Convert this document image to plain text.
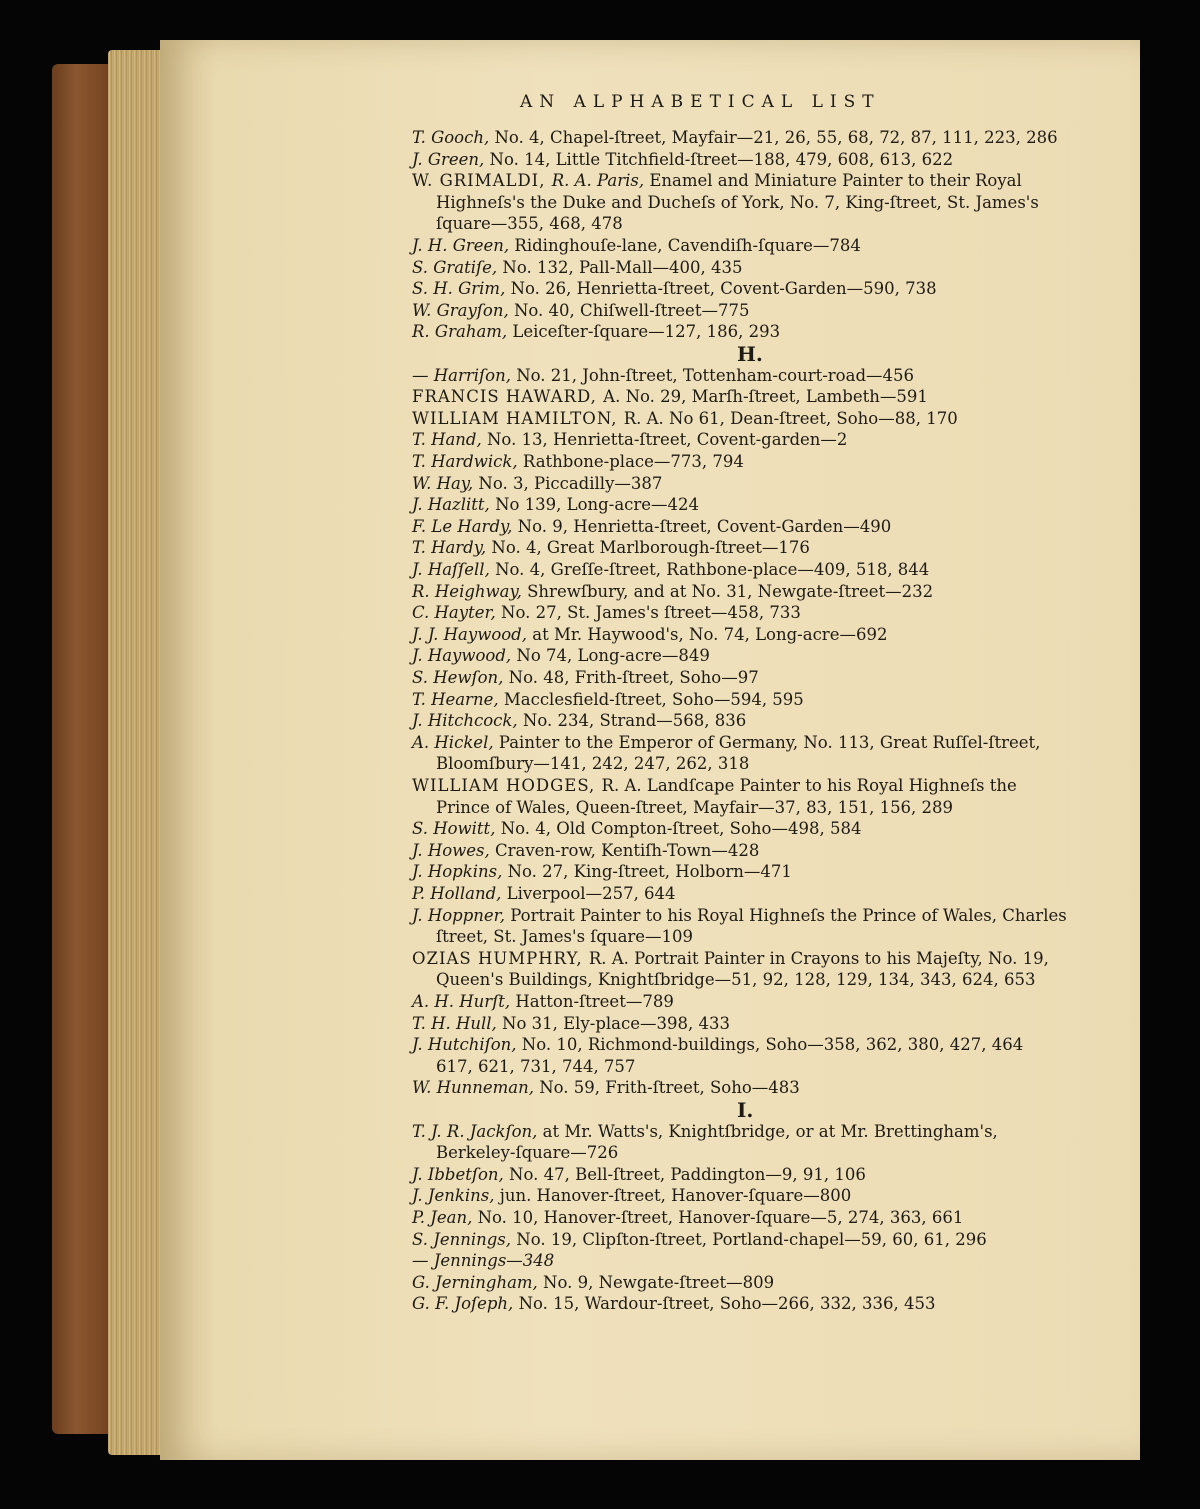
AN ALPHABETICAL LIST
T. Gooch, No. 4, Chapel-ſtreet, Mayfair—21, 26, 55, 68, 72, 87, 111, 223, 286
J. Green, No. 14, Little Titchfield-ſtreet—188, 479, 608, 613, 622
W. GRIMALDI, R. A. Paris, Enamel and Miniature Painter to their Royal
Highneſs's the Duke and Ducheſs of York, No. 7, King-ſtreet, St. James's
ſquare—355, 468, 478
J. H. Green, Ridinghouſe-lane, Cavendiſh-ſquare—784
S. Gratiſe, No. 132, Pall-Mall—400, 435
S. H. Grim, No. 26, Henrietta-ſtreet, Covent-Garden—590, 738
W. Grayſon, No. 40, Chiſwell-ſtreet—775
R. Graham, Leiceſter-ſquare—127, 186, 293
H.
— Harriſon, No. 21, John-ſtreet, Tottenham-court-road—456
FRANCIS HAWARD, A. No. 29, Marſh-ſtreet, Lambeth—591
WILLIAM HAMILTON, R. A. No 61, Dean-ſtreet, Soho—88, 170
T. Hand, No. 13, Henrietta-ſtreet, Covent-garden—2
T. Hardwick, Rathbone-place—773, 794
W. Hay, No. 3, Piccadilly—387
J. Hazlitt, No 139, Long-acre—424
F. Le Hardy, No. 9, Henrietta-ſtreet, Covent-Garden—490
T. Hardy, No. 4, Great Marlborough-ſtreet—176
J. Haſſell, No. 4, Greſſe-ſtreet, Rathbone-place—409, 518, 844
R. Heighway, Shrewſbury, and at No. 31, Newgate-ſtreet—232
C. Hayter, No. 27, St. James's ſtreet—458, 733
J. J. Haywood, at Mr. Haywood's, No. 74, Long-acre—692
J. Haywood, No 74, Long-acre—849
S. Hewſon, No. 48, Frith-ſtreet, Soho—97
T. Hearne, Macclesfield-ſtreet, Soho—594, 595
J. Hitchcock, No. 234, Strand—568, 836
A. Hickel, Painter to the Emperor of Germany, No. 113, Great Ruſſel-ſtreet,
Bloomſbury—141, 242, 247, 262, 318
WILLIAM HODGES, R. A. Landſcape Painter to his Royal Highneſs the
Prince of Wales, Queen-ſtreet, Mayfair—37, 83, 151, 156, 289
S. Howitt, No. 4, Old Compton-ſtreet, Soho—498, 584
J. Howes, Craven-row, Kentiſh-Town—428
J. Hopkins, No. 27, King-ſtreet, Holborn—471
P. Holland, Liverpool—257, 644
J. Hoppner, Portrait Painter to his Royal Highneſs the Prince of Wales, Charles
ſtreet, St. James's ſquare—109
OZIAS HUMPHRY, R. A. Portrait Painter in Crayons to his Majeſty, No. 19,
Queen's Buildings, Knightſbridge—51, 92, 128, 129, 134, 343, 624, 653
A. H. Hurſt, Hatton-ſtreet—789
T. H. Hull, No 31, Ely-place—398, 433
J. Hutchiſon, No. 10, Richmond-buildings, Soho—358, 362, 380, 427, 464
617, 621, 731, 744, 757
W. Hunneman, No. 59, Frith-ſtreet, Soho—483
I.
T. J. R. Jackſon, at Mr. Watts's, Knightſbridge, or at Mr. Brettingham's,
Berkeley-ſquare—726
J. Ibbetſon, No. 47, Bell-ſtreet, Paddington—9, 91, 106
J. Jenkins, jun. Hanover-ſtreet, Hanover-ſquare—800
P. Jean, No. 10, Hanover-ſtreet, Hanover-ſquare—5, 274, 363, 661
S. Jennings, No. 19, Clipſton-ſtreet, Portland-chapel—59, 60, 61, 296
— Jennings—348
G. Jerningham, No. 9, Newgate-ſtreet—809
G. F. Joſeph, No. 15, Wardour-ſtreet, Soho—266, 332, 336, 453
